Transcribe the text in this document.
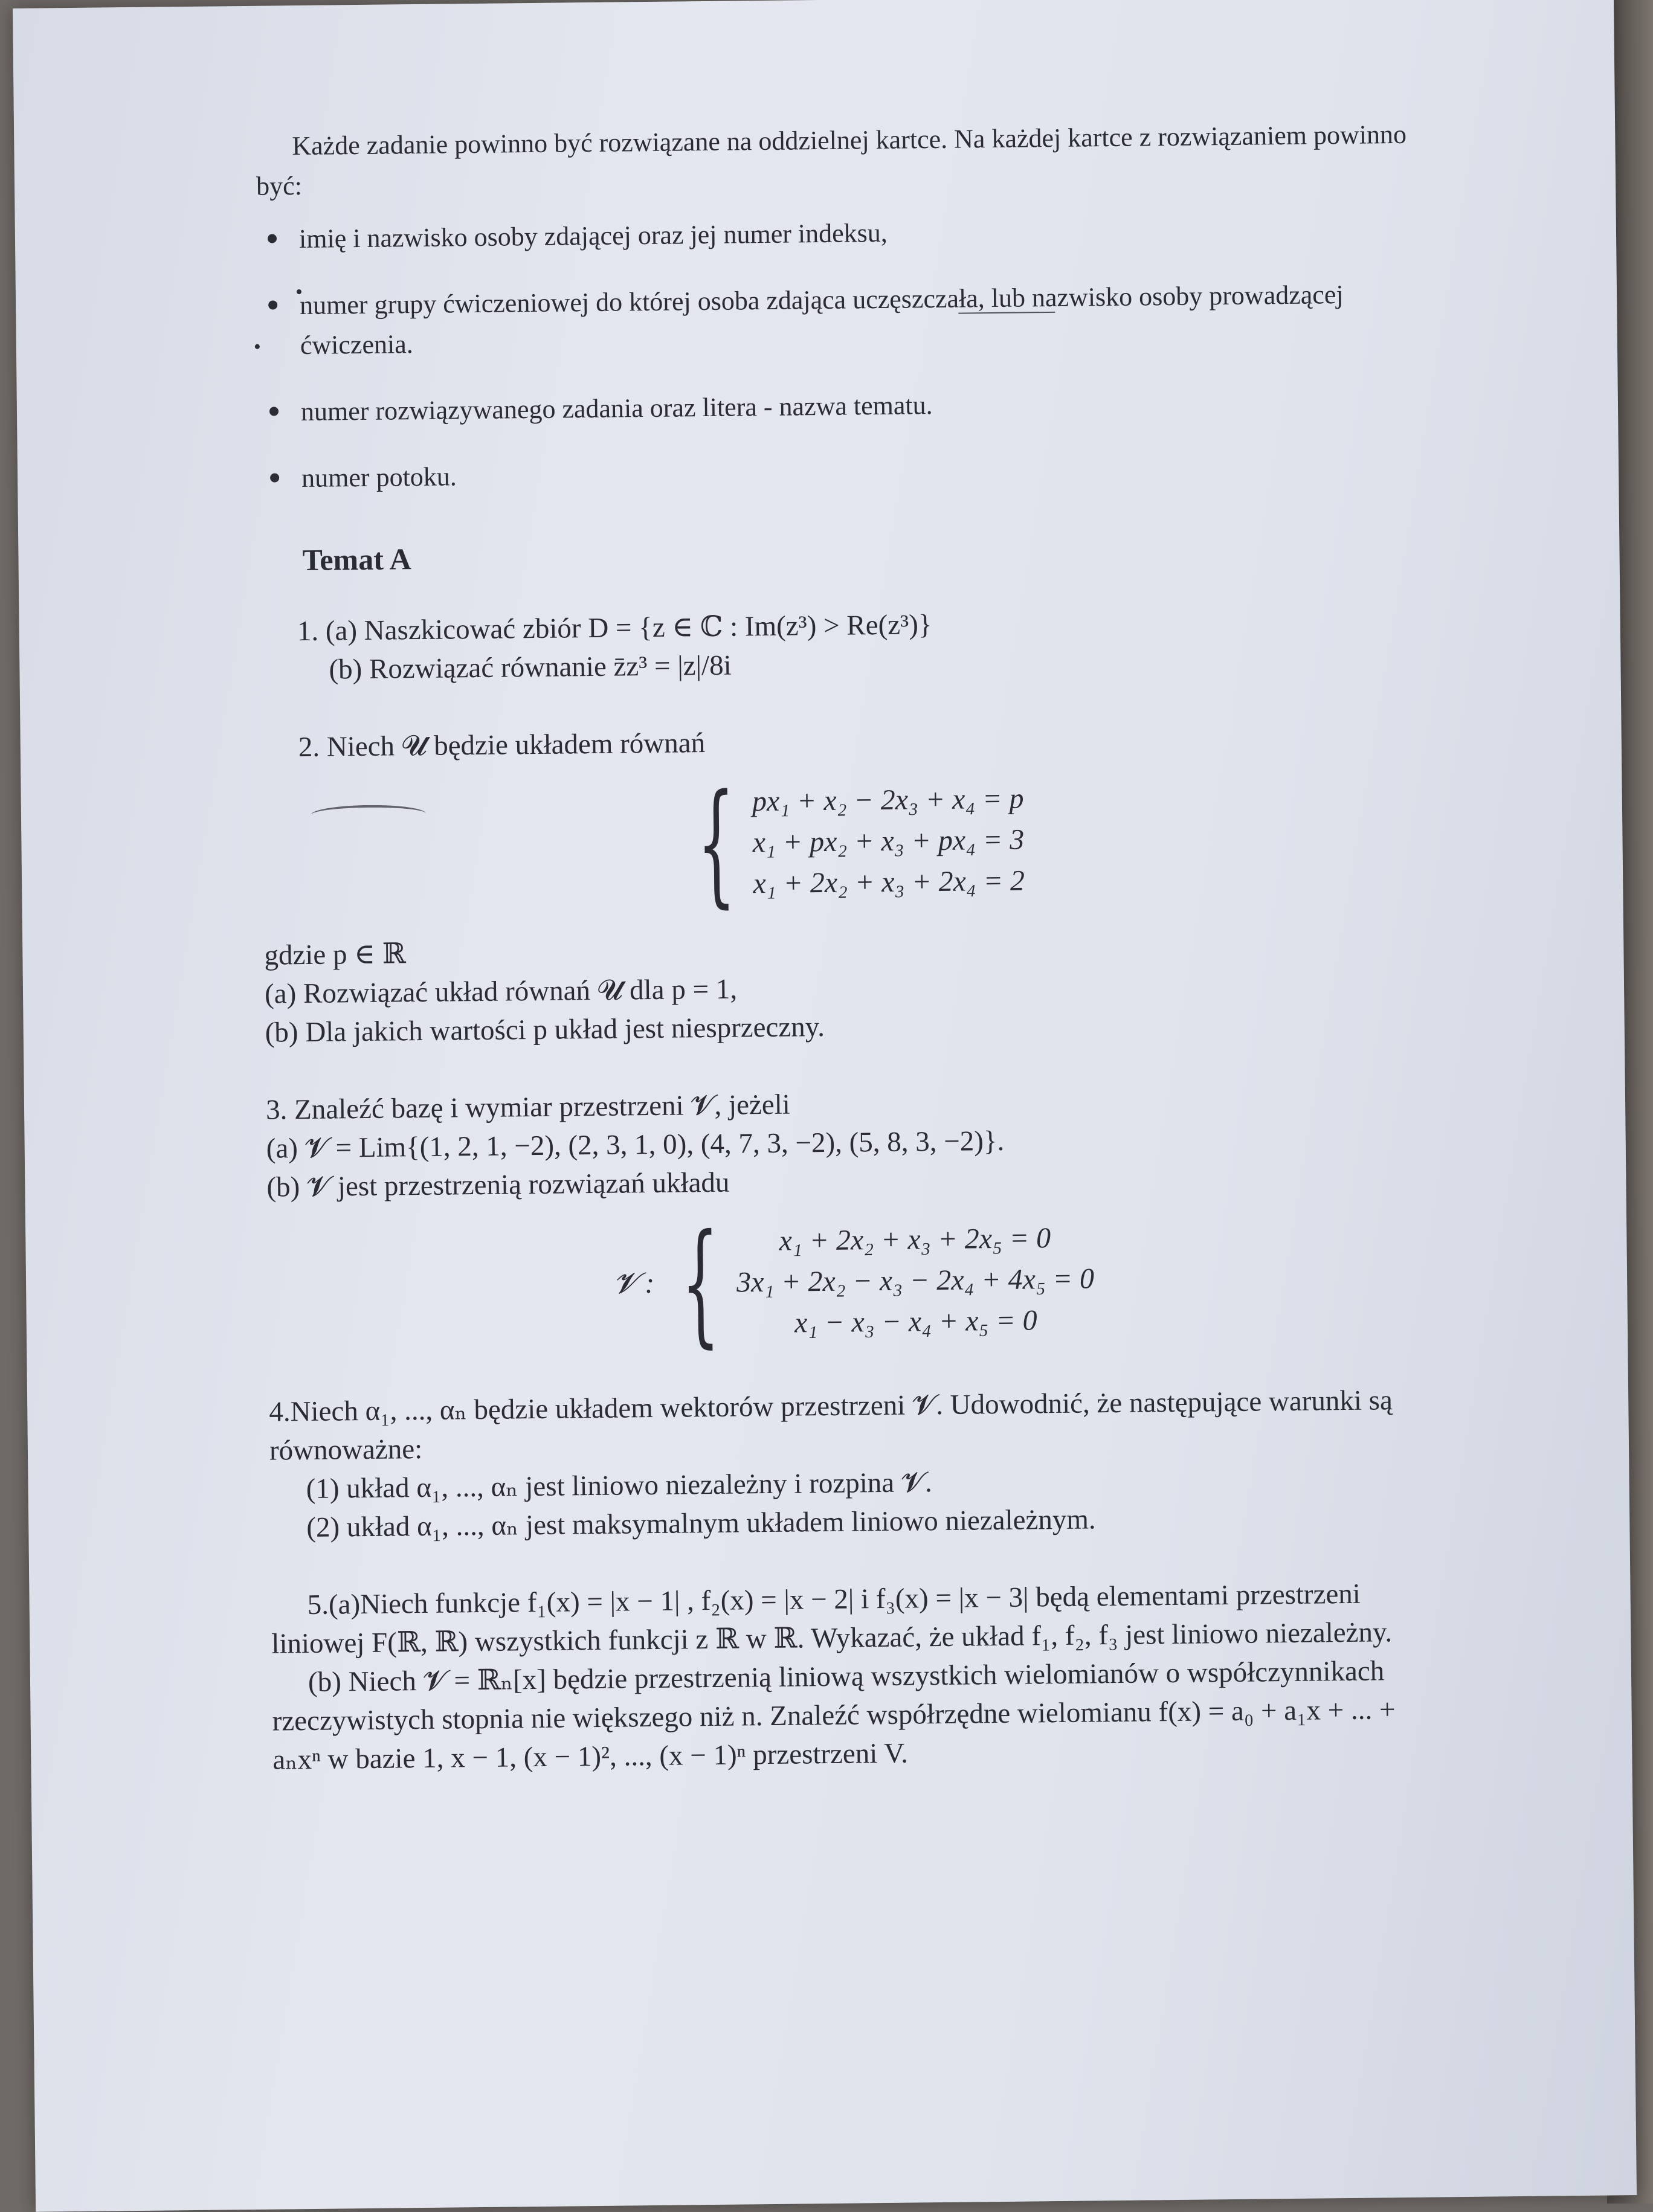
Każde zadanie powinno być rozwiązane na oddzielnej kartce. Na każdej kartce z rozwiązaniem powinno być:

imię i nazwisko osoby zdającej oraz jej numer indeksu,
numer grupy ćwiczeniowej do której osoba zdająca uczęszczała, lub nazwisko osoby prowadzącej ćwiczenia.
numer rozwiązywanego zadania oraz litera - nazwa tematu.
numer potoku.

Temat A

1. (a) Naszkicować zbiór D = {z ∈ ℂ : Im(z³) > Re(z³)}

(b) Rozwiązać równanie z̄z³ = |z|/8i

2. Niech 𝓤 będzie układem równań

{ px₁ + x₂ − 2x₃ + x₄ = p
x₁ + px₂ + x₃ + px₄ = 3
x₁ + 2x₂ + x₃ + 2x₄ = 2

gdzie p ∈ ℝ

(a) Rozwiązać układ równań 𝓤 dla p = 1,

(b) Dla jakich wartości p układ jest niesprzeczny.

3. Znaleźć bazę i wymiar przestrzeni 𝓥, jeżeli

(a) 𝓥 = Lim{(1, 2, 1, −2), (2, 3, 1, 0), (4, 7, 3, −2), (5, 8, 3, −2)}.

(b) 𝓥 jest przestrzenią rozwiązań układu

𝓥 : { x₁ + 2x₂ + x₃ + 2x₅ = 0
3x₁ + 2x₂ − x₃ − 2x₄ + 4x₅ = 0
x₁ − x₃ − x₄ + x₅ = 0

4.Niech α₁, ..., αₙ będzie układem wektorów przestrzeni 𝓥. Udowodnić, że następujące warunki są równoważne:

(1) układ α₁, ..., αₙ jest liniowo niezależny i rozpina 𝓥.

(2) układ α₁, ..., αₙ jest maksymalnym układem liniowo niezależnym.

5.(a)Niech funkcje f₁(x) = |x − 1| , f₂(x) = |x − 2| i f₃(x) = |x − 3| będą elementami przestrzeni liniowej F(ℝ, ℝ) wszystkich funkcji z ℝ w ℝ. Wykazać, że układ f₁, f₂, f₃ jest liniowo niezależny.

(b) Niech 𝓥 = ℝₙ[x] będzie przestrzenią liniową wszystkich wielomianów o współczynnikach rzeczywistych stopnia nie większego niż n. Znaleźć współrzędne wielomianu f(x) = a₀ + a₁x + ... + aₙxⁿ w bazie 1, x − 1, (x − 1)², ..., (x − 1)ⁿ przestrzeni V.
